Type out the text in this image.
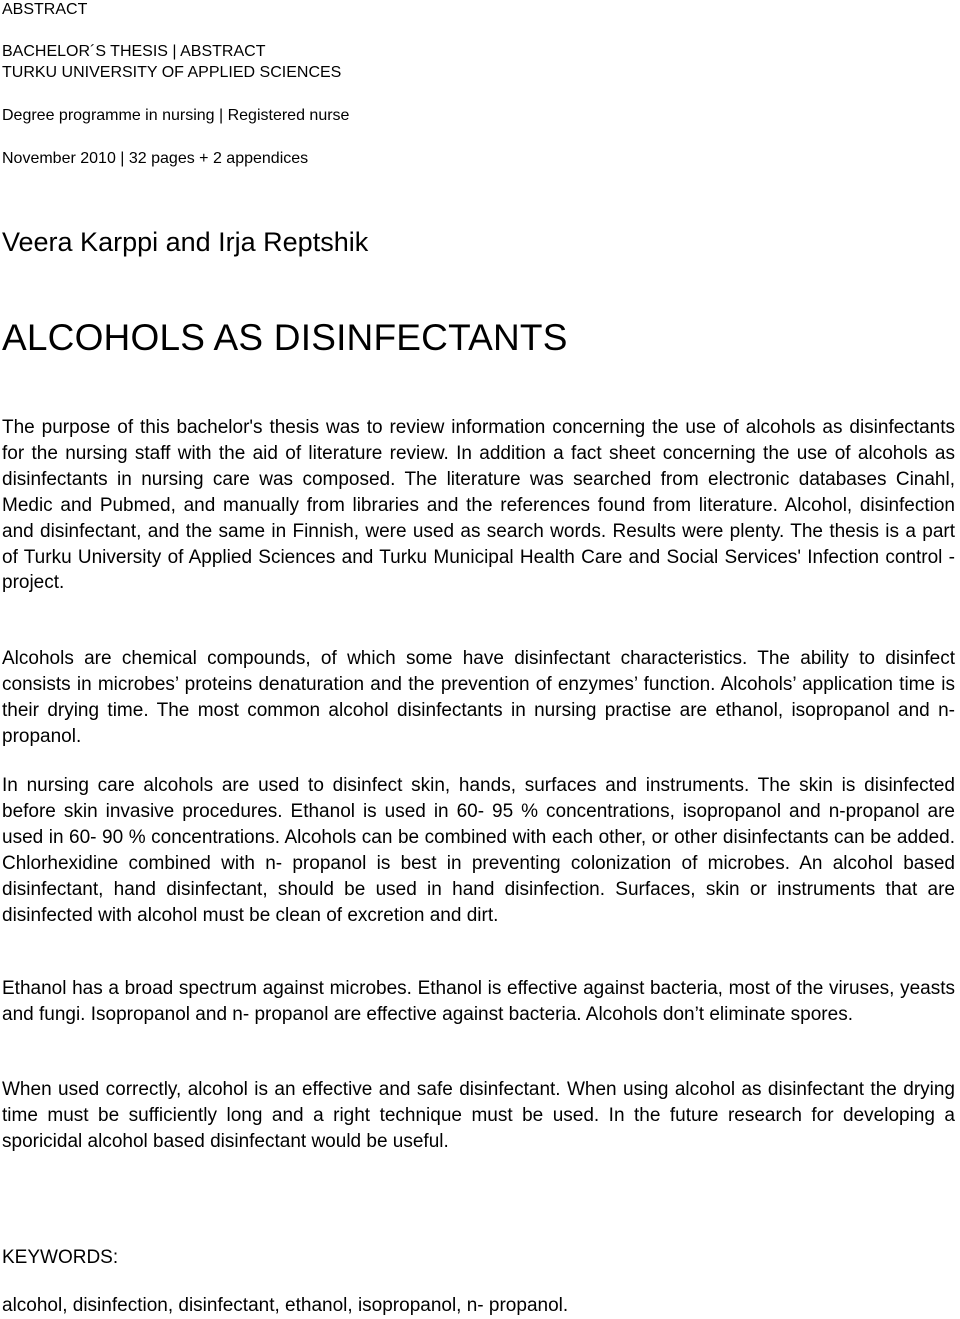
ABSTRACT

BACHELOR´S THESIS | ABSTRACT

TURKU UNIVERSITY OF APPLIED SCIENCES

Degree programme in nursing | Registered nurse

November 2010 | 32 pages + 2 appendices

Veera Karppi and Irja Reptshik

ALCOHOLS AS DISINFECTANTS

The purpose of this bachelor's thesis was to review information concerning the use of alcohols as disinfectants for the nursing staff with the aid of literature review. In addition a fact sheet concerning the use of alcohols as disinfectants in nursing care was composed. The literature was searched from electronic databases Cinahl, Medic and Pubmed, and manually from libraries and the references found from literature. Alcohol, disinfection and disinfectant, and the same in Finnish, were used as search words. Results were plenty. The thesis is a part of Turku University of Applied Sciences and Turku Municipal Health Care and Social Services' Infection control -project.

Alcohols are chemical compounds, of which some have disinfectant characteristics. The ability to disinfect consists in microbes’ proteins denaturation and the prevention of enzymes’ function. Alcohols’ application time is their drying time. The most common alcohol disinfectants in nursing practise are ethanol, isopropanol and n- propanol.

In nursing care alcohols are used to disinfect skin, hands, surfaces and instruments. The skin is disinfected before skin invasive procedures. Ethanol is used in 60- 95 % concentrations, isopropanol and n-propanol are used in 60- 90 % concentrations. Alcohols can be combined with each other, or other disinfectants can be added. Chlorhexidine combined with n- propanol is best in preventing colonization of microbes. An alcohol based disinfectant, hand disinfectant, should be used in hand disinfection. Surfaces, skin or instruments that are disinfected with alcohol must be clean of excretion and dirt.

Ethanol has a broad spectrum against microbes. Ethanol is effective against bacteria, most of the viruses, yeasts and fungi. Isopropanol and n- propanol are effective against bacteria. Alcohols don’t eliminate spores.

When used correctly, alcohol is an effective and safe disinfectant. When using alcohol as disinfectant the drying time must be sufficiently long and a right technique must be used. In the future research for developing a sporicidal alcohol based disinfectant would be useful.

KEYWORDS:

alcohol, disinfection, disinfectant, ethanol, isopropanol, n- propanol.
